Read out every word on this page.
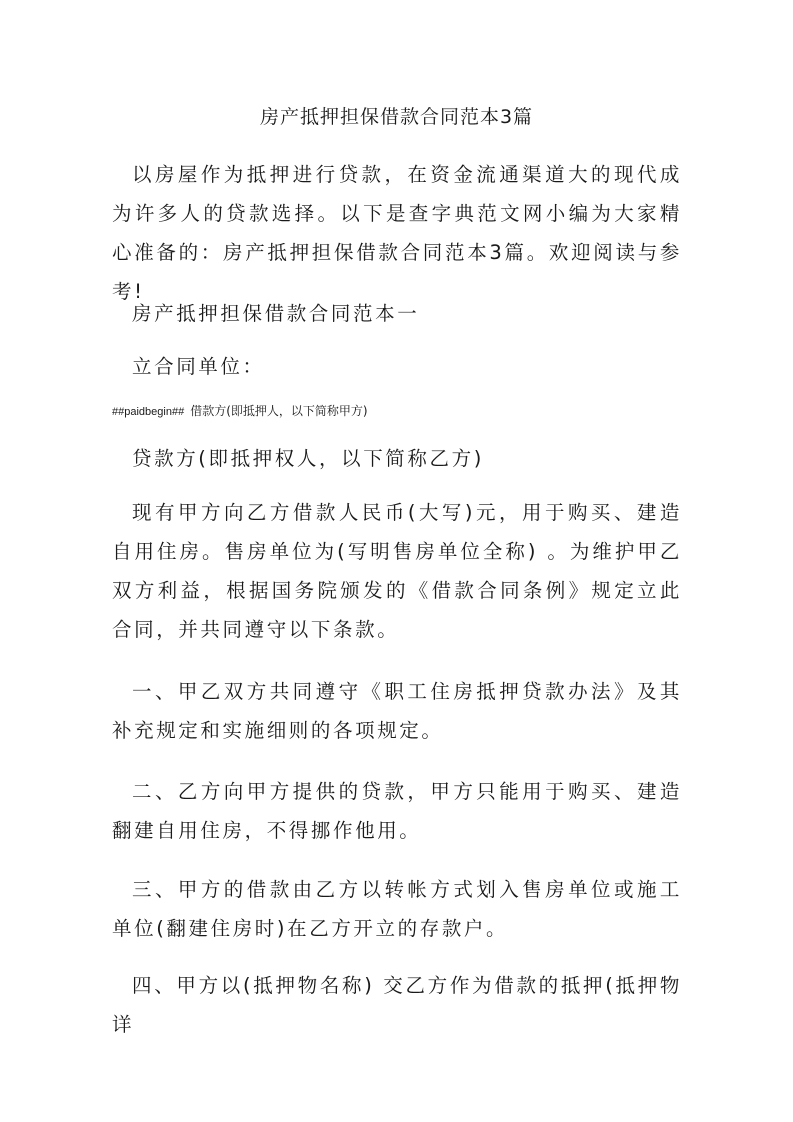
房产抵押担保借款合同范本3篇

以房屋作为抵押进行贷款，在资金流通渠道大的现代成为许多人的贷款选择。以下是查字典范文网小编为大家精心准备的：房产抵押担保借款合同范本3篇。欢迎阅读与参考!

房产抵押担保借款合同范本一

立合同单位：

##paidbegin## 借款方(即抵押人，以下简称甲方)

贷款方(即抵押权人，以下简称乙方)

现有甲方向乙方借款人民币(大写)元，用于购买、建造自用住房。售房单位为(写明售房单位全称) 。为维护甲乙双方利益，根据国务院颁发的《借款合同条例》规定立此合同，并共同遵守以下条款。

一、甲乙双方共同遵守《职工住房抵押贷款办法》及其补充规定和实施细则的各项规定。

二、乙方向甲方提供的贷款，甲方只能用于购买、建造翻建自用住房，不得挪作他用。

三、甲方的借款由乙方以转帐方式划入售房单位或施工单位(翻建住房时)在乙方开立的存款户。

四、甲方以(抵押物名称) 交乙方作为借款的抵押(抵押物详
